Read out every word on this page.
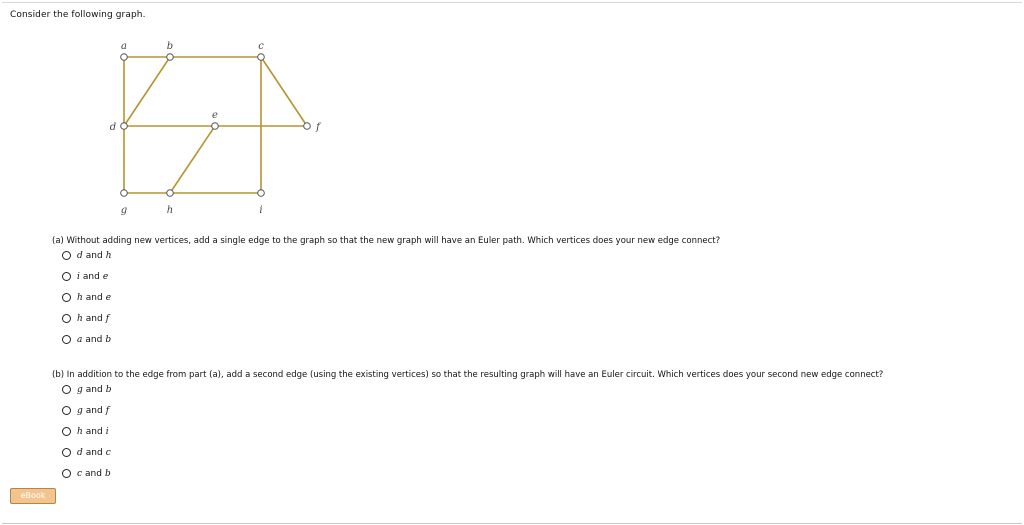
Consider the following graph.
a	b	c
d
e
f
g	h	i
(a) Without adding new vertices, add a single edge to the graph so that the new graph will have an Euler path. Which vertices does your new edge connect?
d and h
i and e
h and e
h and f
a and b
(b) In addition to the edge from part (a), add a second edge (using the existing vertices) so that the resulting graph will have an Euler circuit. Which vertices does your second new edge connect?
g and b
g and f
h and i
d and c
c and b
eBook
